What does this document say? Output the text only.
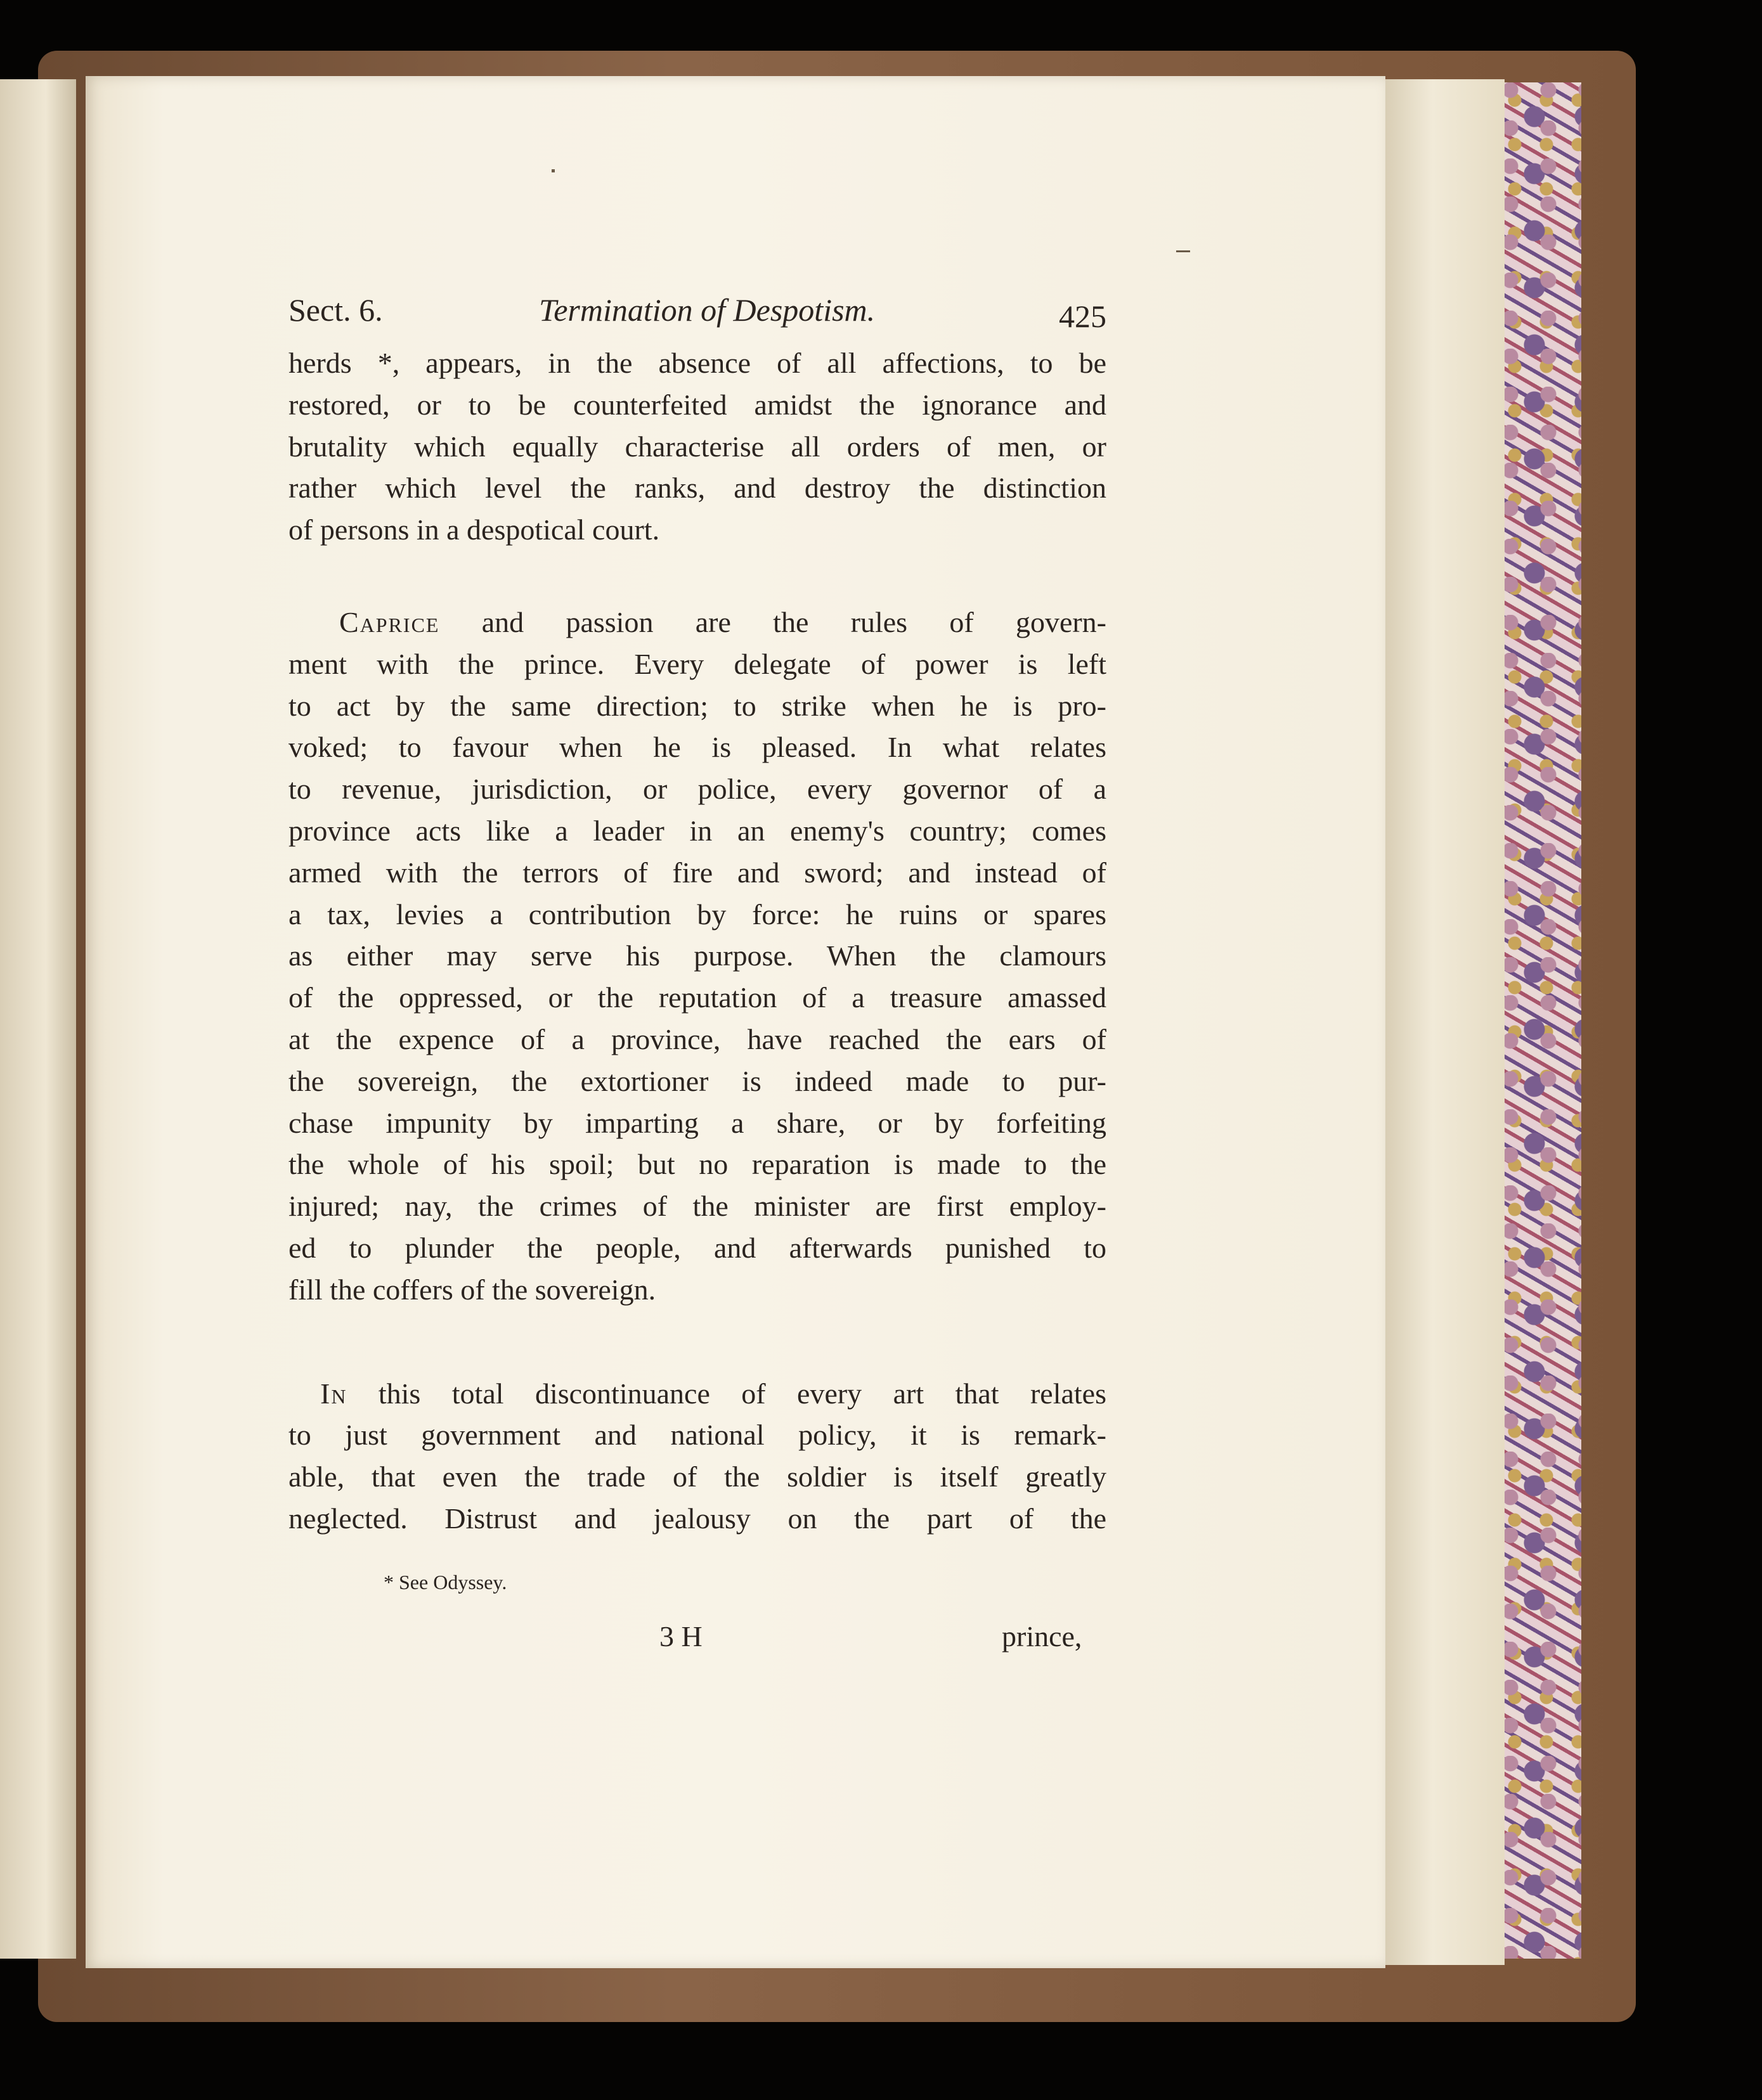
Sect. 6.	Termination of Despotism.	425
herds *, appears, in the absence of all affections, to be
restored, or to be counterfeited amidst the ignorance and
brutality which equally characterise all orders of men, or
rather which level the ranks, and destroy the distinction
of persons in a despotical court.
Caprice and passion are the rules of govern-
ment with the prince. Every delegate of power is left
to act by the same direction; to strike when he is pro-
voked; to favour when he is pleased. In what relates
to revenue, jurisdiction, or police, every governor of a
province acts like a leader in an enemy's country; comes
armed with the terrors of fire and sword; and instead of
a tax, levies a contribution by force: he ruins or spares
as either may serve his purpose. When the clamours
of the oppressed, or the reputation of a treasure amassed
at the expence of a province, have reached the ears of
the sovereign, the extortioner is indeed made to pur-
chase impunity by imparting a share, or by forfeiting
the whole of his spoil; but no reparation is made to the
injured; nay, the crimes of the minister are first employ-
ed to plunder the people, and afterwards punished to
fill the coffers of the sovereign.
In this total discontinuance of every art that relates
to just government and national policy, it is remark-
able, that even the trade of the soldier is itself greatly
neglected. Distrust and jealousy on the part of the
* See Odyssey.
3 H	prince,
